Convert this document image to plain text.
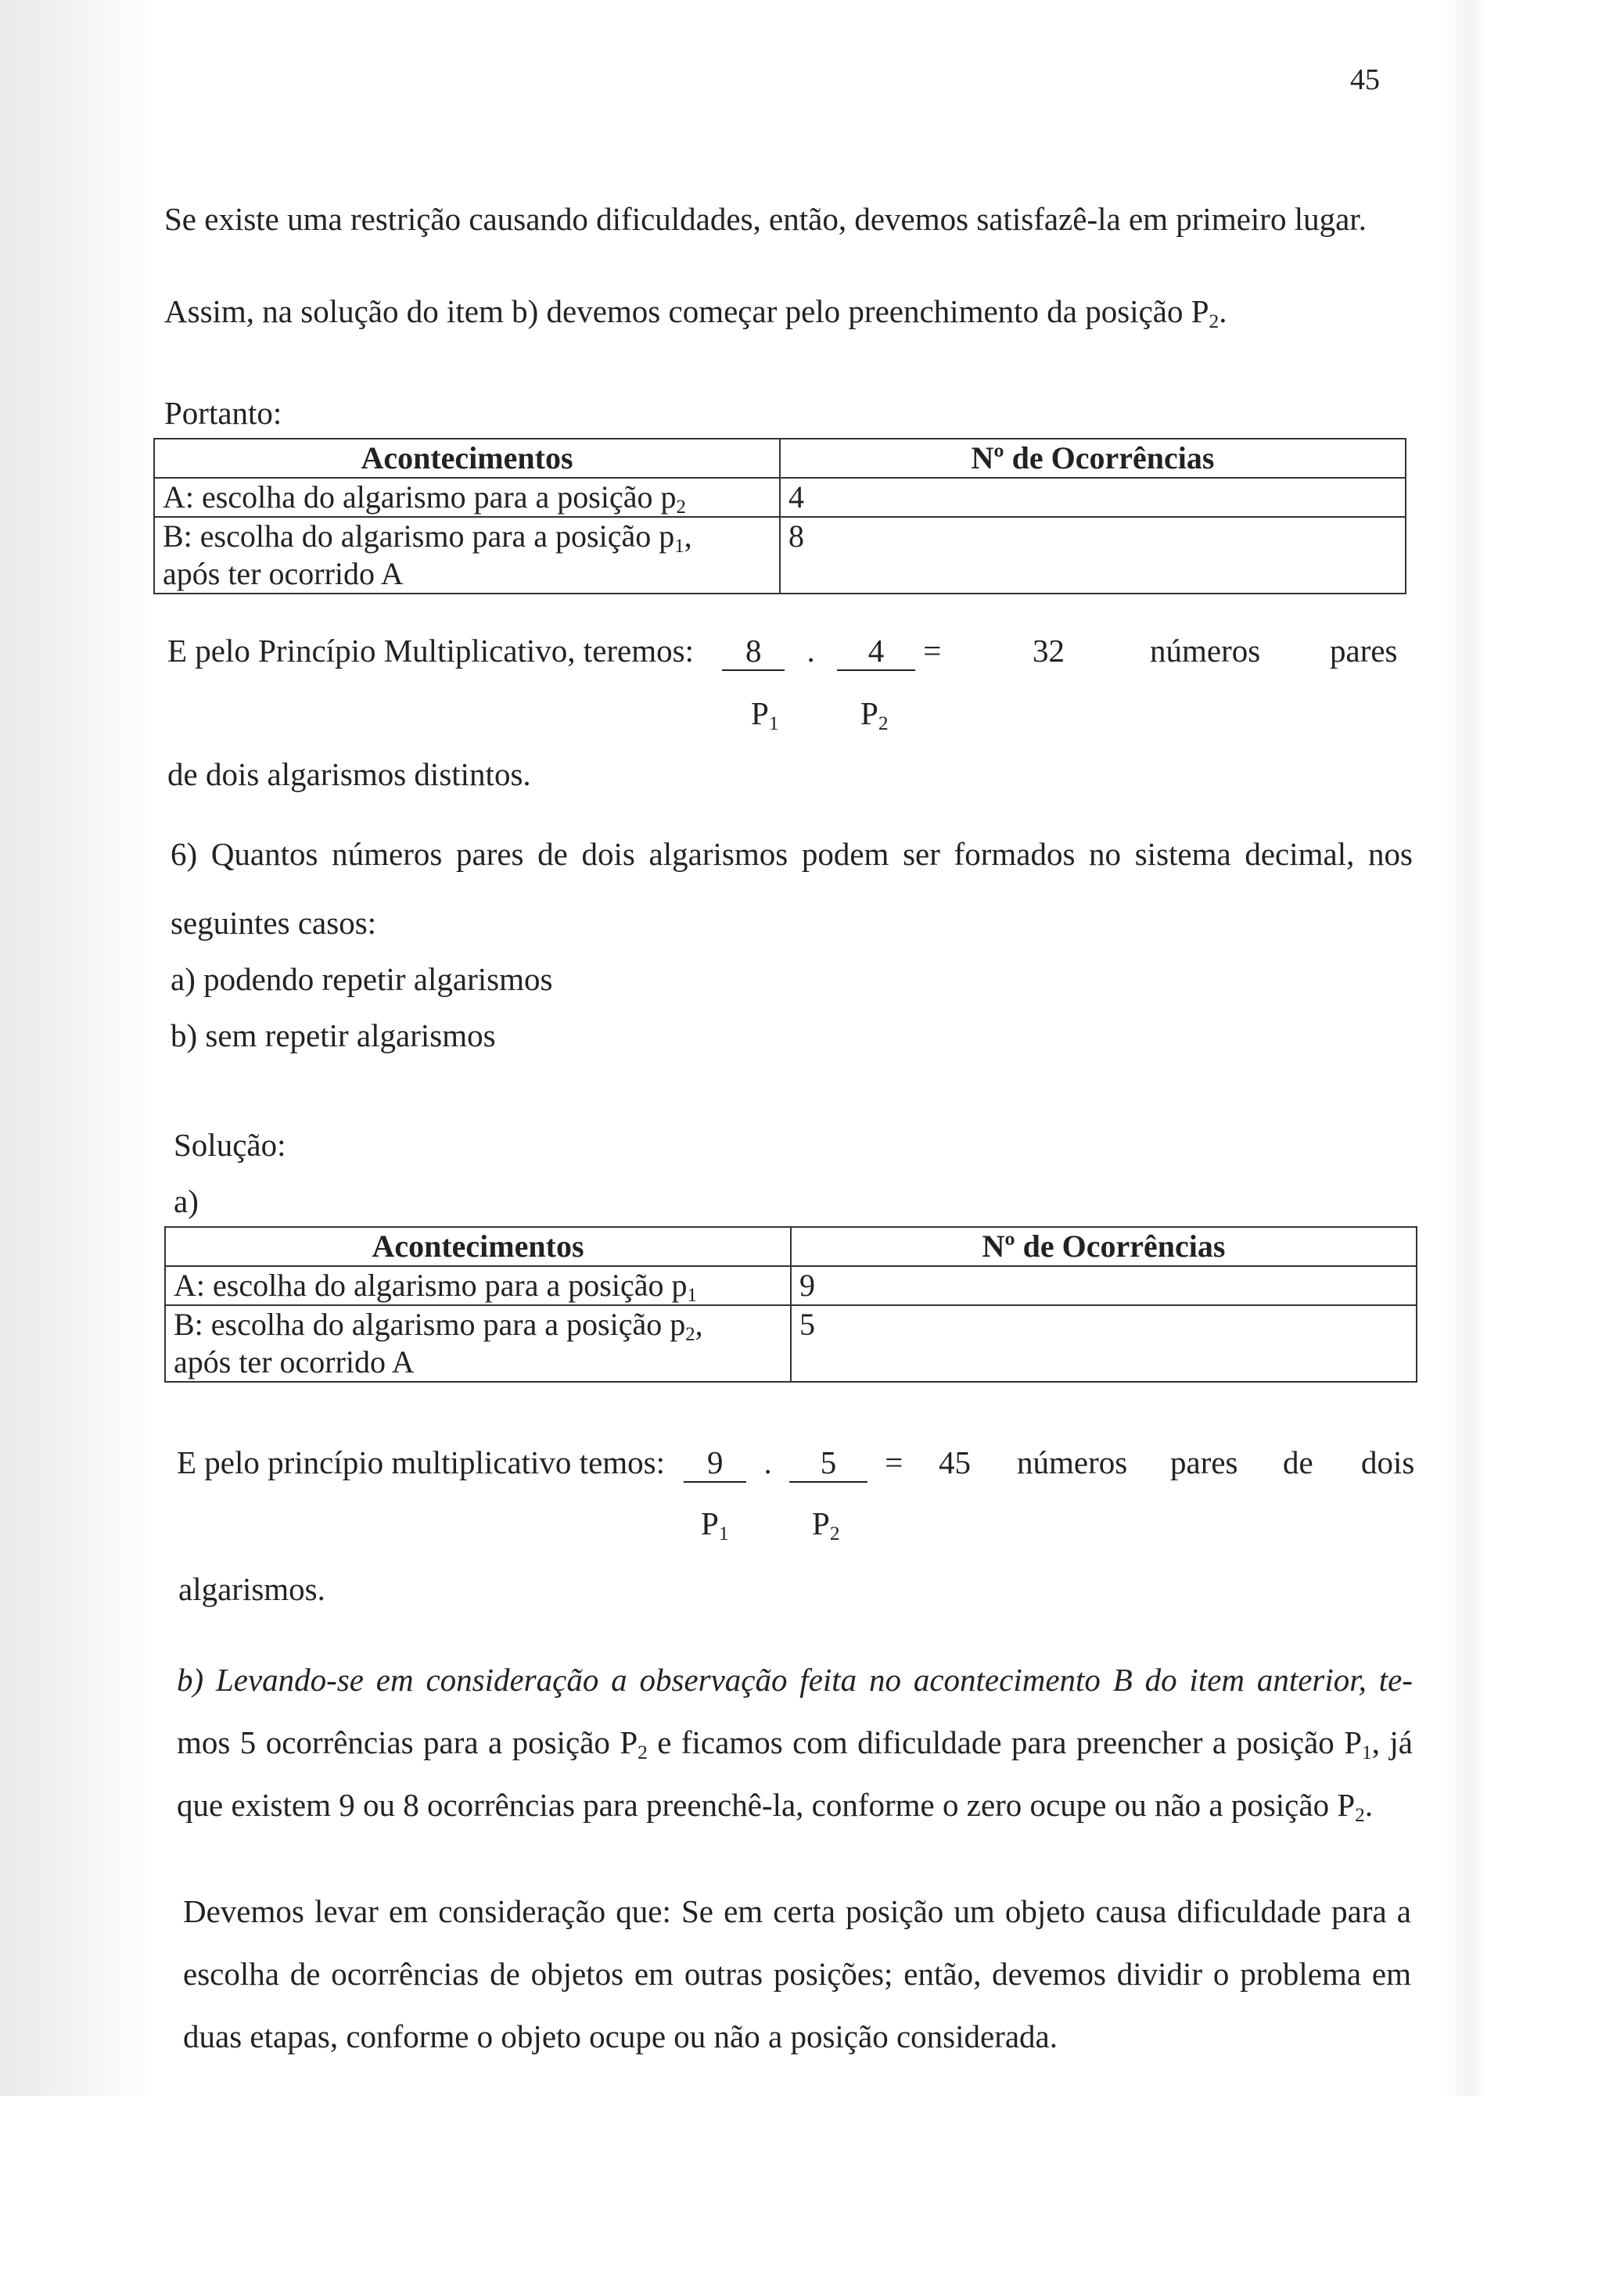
45
Se existe uma restrição causando dificuldades, então, devemos satisfazê-la em primeiro lugar.
Assim, na solução do item b) devemos começar pelo preenchimento da posição $P_2$.
Portanto:
Acontecimentos	Nº de Ocorrências
A: escolha do algarismo para a posição $p_2$	4

B: escolha do algarismo para a posição $p_1$,
após ter ocorrido A	8
E pelo Princípio Multiplicativo, teremos: 8 . 4 =	32	números pares
$P_1$	$P_2$
de dois algarismos distintos.
6) Quantos números pares de dois algarismos podem ser formados no sistema decimal, nos
seguintes casos:
a) podendo repetir algarismos
b) sem repetir algarismos
Solução:
a)
Acontecimentos	Nº de Ocorrências
A: escolha do algarismo para a posição $p_1$	9

B: escolha do algarismo para a posição $p_2$,
após ter ocorrido A	5
E pelo princípio multiplicativo temos: 9 . 5 = 45 números pares de dois
$P_1$	$P_2$
algarismos.
b) Levando-se em consideração a observação feita no acontecimento B do item anterior, te-
mos 5 ocorrências para a posição $P_2$ e ficamos com dificuldade para preencher a posição $P_1$, já
que existem 9 ou 8 ocorrências para preenchê-la, conforme o zero ocupe ou não a posição $P_2$.
Devemos levar em consideração que: Se em certa posição um objeto causa dificuldade para a
escolha de ocorrências de objetos em outras posições; então, devemos dividir o problema em
duas etapas, conforme o objeto ocupe ou não a posição considerada.
